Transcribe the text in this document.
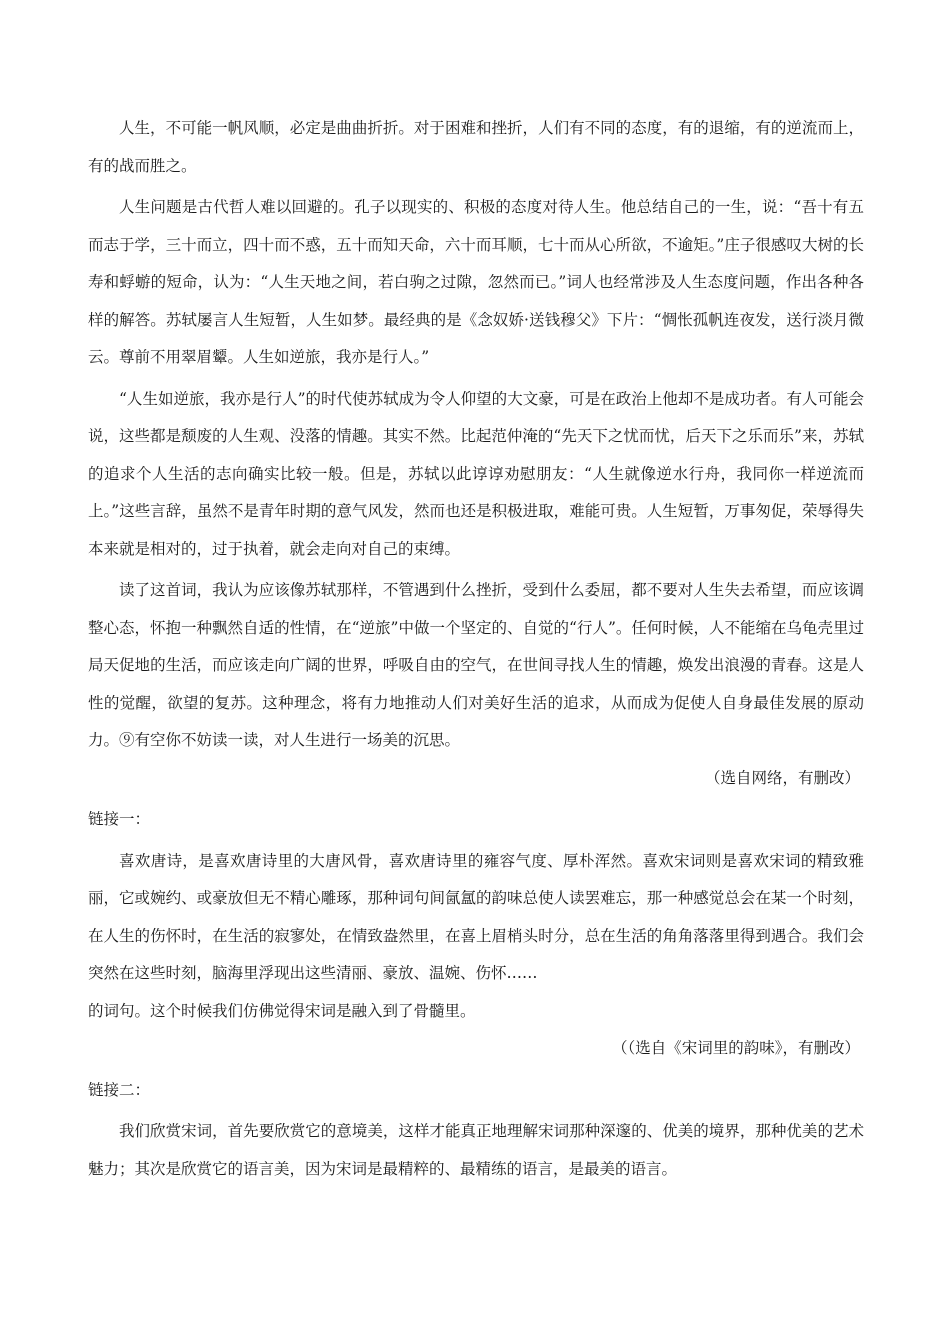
人生，不可能一帆风顺，必定是曲曲折折。对于困难和挫折，人们有不同的态度，有的退缩，有的逆流而上，有的战而胜之。

人生问题是古代哲人难以回避的。孔子以现实的、积极的态度对待人生。他总结自己的一生，说：“吾十有五而志于学，三十而立，四十而不惑，五十而知天命，六十而耳顺，七十而从心所欲，不逾矩。”庄子很感叹大树的长寿和蜉蝣的短命，认为：“人生天地之间，若白驹之过隙，忽然而已。”词人也经常涉及人生态度问题，作出各种各样的解答。苏轼屡言人生短暂，人生如梦。最经典的是《念奴娇·送钱穆父》下片：“惆怅孤帆连夜发，送行淡月微云。尊前不用翠眉颦。人生如逆旅，我亦是行人。”

“人生如逆旅，我亦是行人”的时代使苏轼成为令人仰望的大文豪，可是在政治上他却不是成功者。有人可能会说，这些都是颓废的人生观、没落的情趣。其实不然。比起范仲淹的“先天下之忧而忧，后天下之乐而乐”来，苏轼的追求个人生活的志向确实比较一般。但是，苏轼以此谆谆劝慰朋友：“人生就像逆水行舟，我同你一样逆流而上。”这些言辞，虽然不是青年时期的意气风发，然而也还是积极进取，难能可贵。人生短暂，万事匆促，荣辱得失本来就是相对的，过于执着，就会走向对自己的束缚。

读了这首词，我认为应该像苏轼那样，不管遇到什么挫折，受到什么委屈，都不要对人生失去希望，而应该调整心态，怀抱一种飘然自适的性情，在“逆旅”中做一个坚定的、自觉的“行人”。任何时候，人不能缩在乌龟壳里过局天促地的生活，而应该走向广阔的世界，呼吸自由的空气，在世间寻找人生的情趣，焕发出浪漫的青春。这是人性的觉醒，欲望的复苏。这种理念，将有力地推动人们对美好生活的追求，从而成为促使人自身最佳发展的原动力。⑨有空你不妨读一读，对人生进行一场美的沉思。

（选自网络，有删改）

链接一：

喜欢唐诗，是喜欢唐诗里的大唐风骨，喜欢唐诗里的雍容气度、厚朴浑然。喜欢宋词则是喜欢宋词的精致雅丽，它或婉约、或豪放但无不精心雕琢，那种词句间氤氲的韵味总使人读罢难忘，那一种感觉总会在某一个时刻，在人生的伤怀时，在生活的寂寥处，在情致盎然里，在喜上眉梢头时分，总在生活的角角落落里得到遇合。我们会突然在这些时刻，脑海里浮现出这些清丽、豪放、温婉、伤怀……

的词句。这个时候我们仿佛觉得宋词是融入到了骨髓里。

（（选自《宋词里的韵味》，有删改）

链接二：

我们欣赏宋词，首先要欣赏它的意境美，这样才能真正地理解宋词那种深邃的、优美的境界，那种优美的艺术魅力；其次是欣赏它的语言美，因为宋词是最精粹的、最精练的语言，是最美的语言。
